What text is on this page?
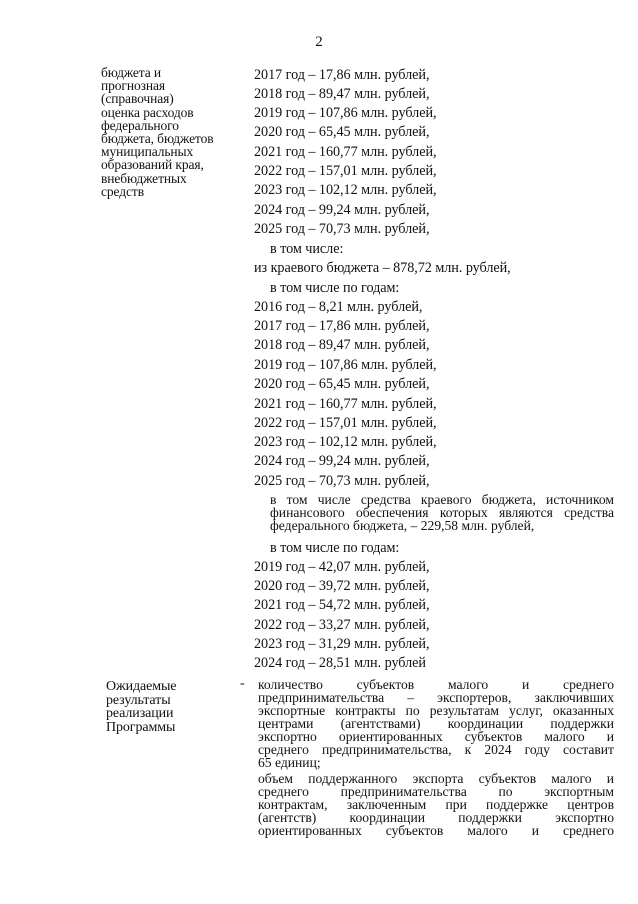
2
бюджета и
прогнозная
(справочная)
оценка расходов
федерального
бюджета, бюджетов
муниципальных
образований края,
внебюджетных
средств
2017 год – 17,86 млн. рублей,
2018 год – 89,47 млн. рублей,
2019 год – 107,86 млн. рублей,
2020 год – 65,45 млн. рублей,
2021 год – 160,77 млн. рублей,
2022 год – 157,01 млн. рублей,
2023 год – 102,12 млн. рублей,
2024 год – 99,24 млн. рублей,
2025 год – 70,73 млн. рублей,
в том числе:
из краевого бюджета – 878,72 млн. рублей,
в том числе по годам:
2016 год – 8,21 млн. рублей,
2017 год – 17,86 млн. рублей,
2018 год – 89,47 млн. рублей,
2019 год – 107,86 млн. рублей,
2020 год – 65,45 млн. рублей,
2021 год – 160,77 млн. рублей,
2022 год – 157,01 млн. рублей,
2023 год – 102,12 млн. рублей,
2024 год – 99,24 млн. рублей,
2025 год – 70,73 млн. рублей,
в том числе средства краевого бюджета, источником
финансового обеспечения которых являются средства
федерального бюджета, – 229,58 млн. рублей,
в том числе по годам:
2019 год – 42,07 млн. рублей,
2020 год – 39,72 млн. рублей,
2021 год – 54,72 млн. рублей,
2022 год – 33,27 млн. рублей,
2023 год – 31,29 млн. рублей,
2024 год – 28,51 млн. рублей
Ожидаемые
результаты
реализации
Программы
- количество субъектов малого и среднего
предпринимательства – экспортеров, заключивших
экспортные контракты по результатам услуг, оказанных
центрами (агентствами) координации поддержки
экспортно ориентированных субъектов малого и
среднего предпринимательства, к 2024 году составит
65 единиц;
объем поддержанного экспорта субъектов малого и
среднего предпринимательства по экспортным
контрактам, заключенным при поддержке центров
(агентств) координации поддержки экспортно
ориентированных субъектов малого и среднего
